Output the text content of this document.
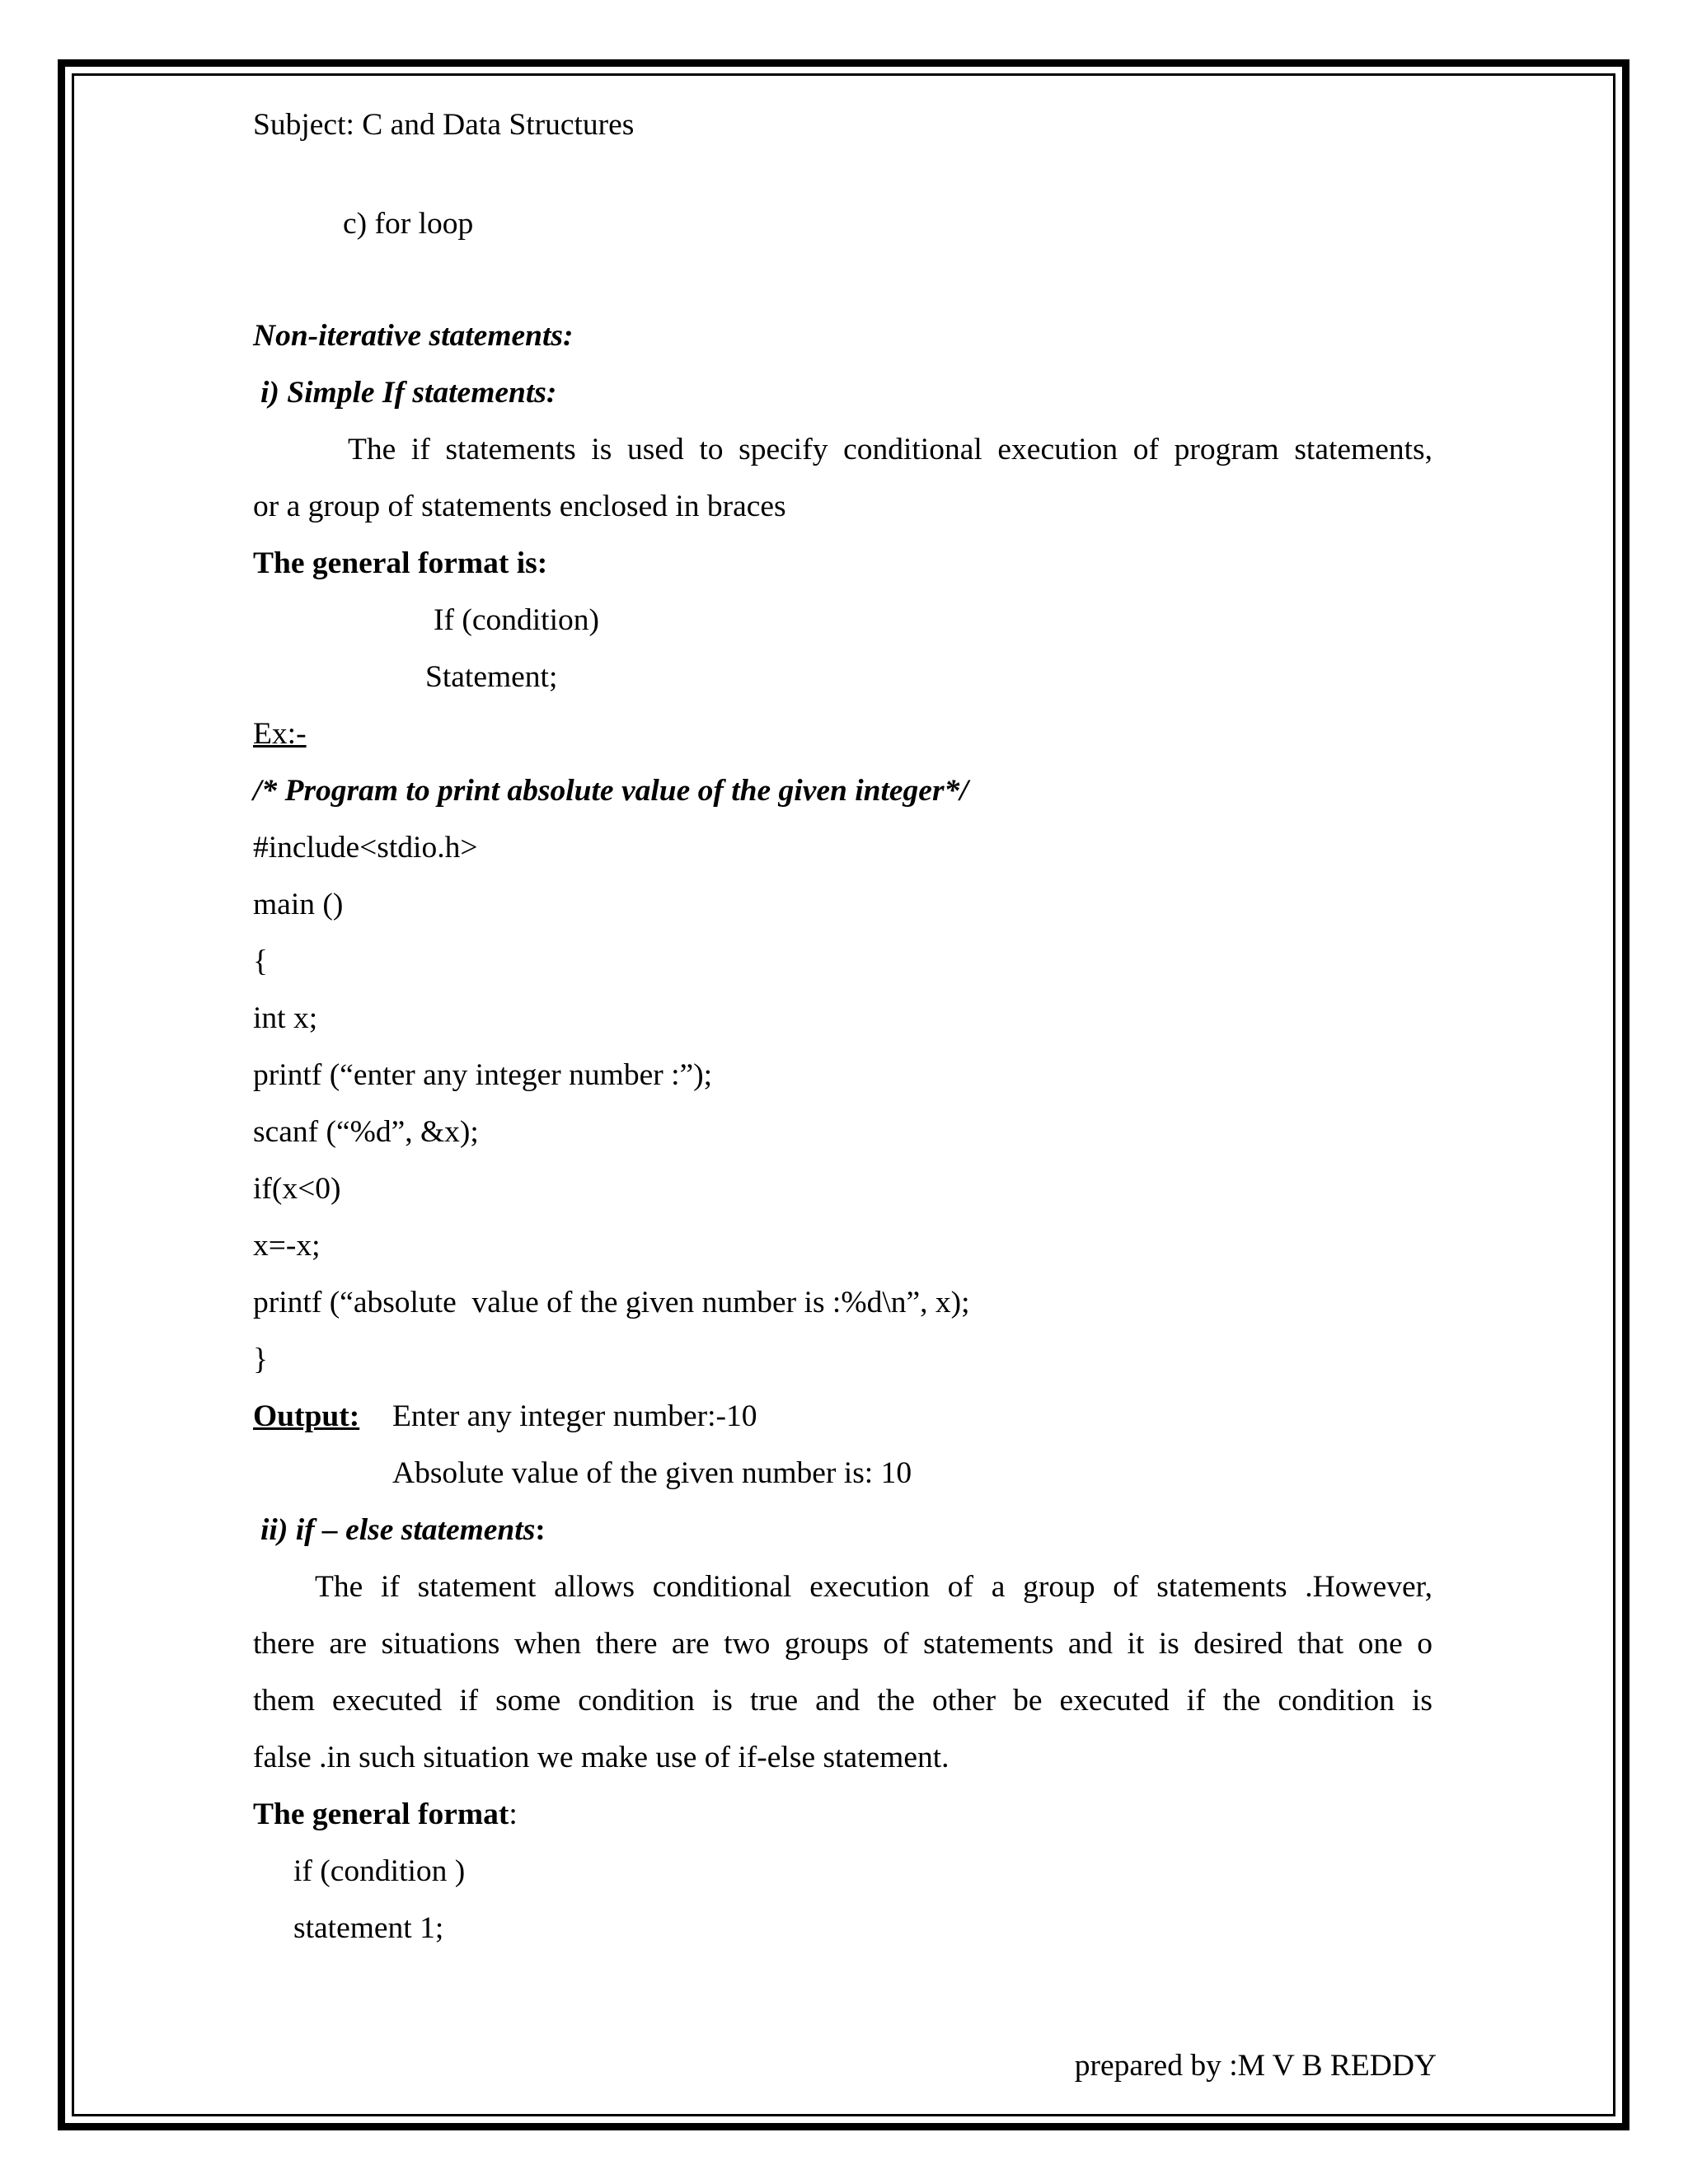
Subject: C and Data Structures
c) for loop
Non-iterative statements:
i) Simple If statements:
The if statements is used to specify conditional execution of program statements,
or a group of statements enclosed in braces
The general format is:
If (condition)
Statement;
Ex:-
/* Program to print absolute value of the given integer*/
#include<stdio.h>
main ()
{
int x;
printf (“enter any integer number :”);
scanf (“%d”, &x);
if(x<0)
x=-x;
printf (“absolute  value of the given number is :%d\n”, x);
}
Output: Enter any integer number:-10
Absolute value of the given number is: 10
ii) if – else statements:
The if statement allows conditional execution of a group of statements .However,
there are situations when there are two groups of statements and it is desired that one o
them executed if some condition is true and the other be executed if the condition is
false .in such situation we make use of if-else statement.
The general format:
if (condition )
statement 1;
prepared by :M V B REDDY
